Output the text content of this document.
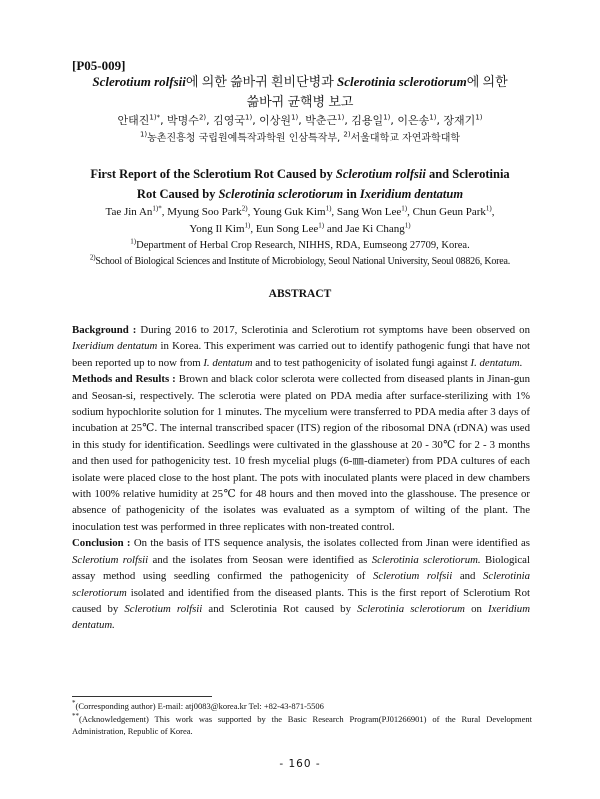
[P05-009]
Sclerotium rolfsii에 의한 쓺바귀 흰비단병과 Sclerotinia sclerotiorum에 의한
쓺바귀 균핵병 보고
안태진$^{1)*}$, 박명수$^{2)}$, 김영국$^{1)}$, 이상원$^{1)}$, 박춘근$^{1)}$, 김용일$^{1)}$, 이은송$^{1)}$, 장재기$^{1)}$
$^{1)}$농촌진흥청 국립원예특작과학원 인삼특작부, $^{2)}$서울대학교 자연과학대학
First Report of the Sclerotium Rot Caused by Sclerotium rolfsii and Sclerotinia
Rot Caused by Sclerotinia sclerotiorum in Ixeridium dentatum
Tae Jin $An^{1)*}$, Myung Soo Park$^{2)}$, Young Guk Kim$^{1)}$, Sang Won Lee$^{1)}$, Chun Geun Park$^{1)}$,
Yong Il Kim$^{1)}$, Eun Song Lee$^{1)}$ and Jae Ki Chang$^{1)}$
$^{1)}$Department of Herbal Crop Research, NIHHS, RDA, Eumseong 27709, Korea.
$^{2)}$School of Biological Sciences and Institute of Microbiology, Seoul National University, Seoul 08826, Korea.
ABSTRACT

Background : During 2016 to 2017, Sclerotinia and Sclerotium rot symptoms have been observed on Ixeridium dentatum in Korea. This experiment was carried out to identify pathogenic fungi that have not been reported up to now from I. dentatum and to test pathogenicity of isolated fungi against I. dentatum.

Methods and Results : Brown and black color sclerota were collected from diseased plants in Jinan-gun and Seosan-si, respectively. The sclerotia were plated on PDA media after surface-sterilizing with 1% sodium hypochlorite solution for 1 minutes. The mycelium were transferred to PDA media after 3 days of incubation at 25℃. The internal transcribed spacer (ITS) region of the ribosomal DNA (rDNA) was used in this study for identification. Seedlings were cultivated in the glasshouse at 20 - 30℃ for 2 - 3 months and then used for pathogenicity test. 10 fresh mycelial plugs (6-㎜-diameter) from PDA cultures of each isolate were placed close to the host plant. The pots with inoculated plants were placed in dew chambers with 100% relative humidity at 25℃ for 48 hours and then moved into the glasshouse. The presence or absence of pathogenicity of the isolates was evaluated as a symptom of wilting of the plant. The inoculation test was performed in three replicates with non-treated control.

Conclusion : On the basis of ITS sequence analysis, the isolates collected from Jinan were identified as Sclerotium rolfsii and the isolates from Seosan were identified as Sclerotinia sclerotiorum. Biological assay method using seedling confirmed the pathogenicity of Sclerotium rolfsii and Sclerotinia sclerotiorum isolated and identified from the diseased plants. This is the first report of Sclerotium Rot caused by Sclerotium rolfsii and Sclerotinia Rot caused by Sclerotinia sclerotiorum on Ixeridium dentatum.

*(Corresponding author) E-mail: atj0083@korea.kr Tel: +82-43-871-5506
**(Acknowledgement) This work was supported by the Basic Research Program(PJ01266901) of the Rural Development Administration, Republic of Korea.
- 160 -
